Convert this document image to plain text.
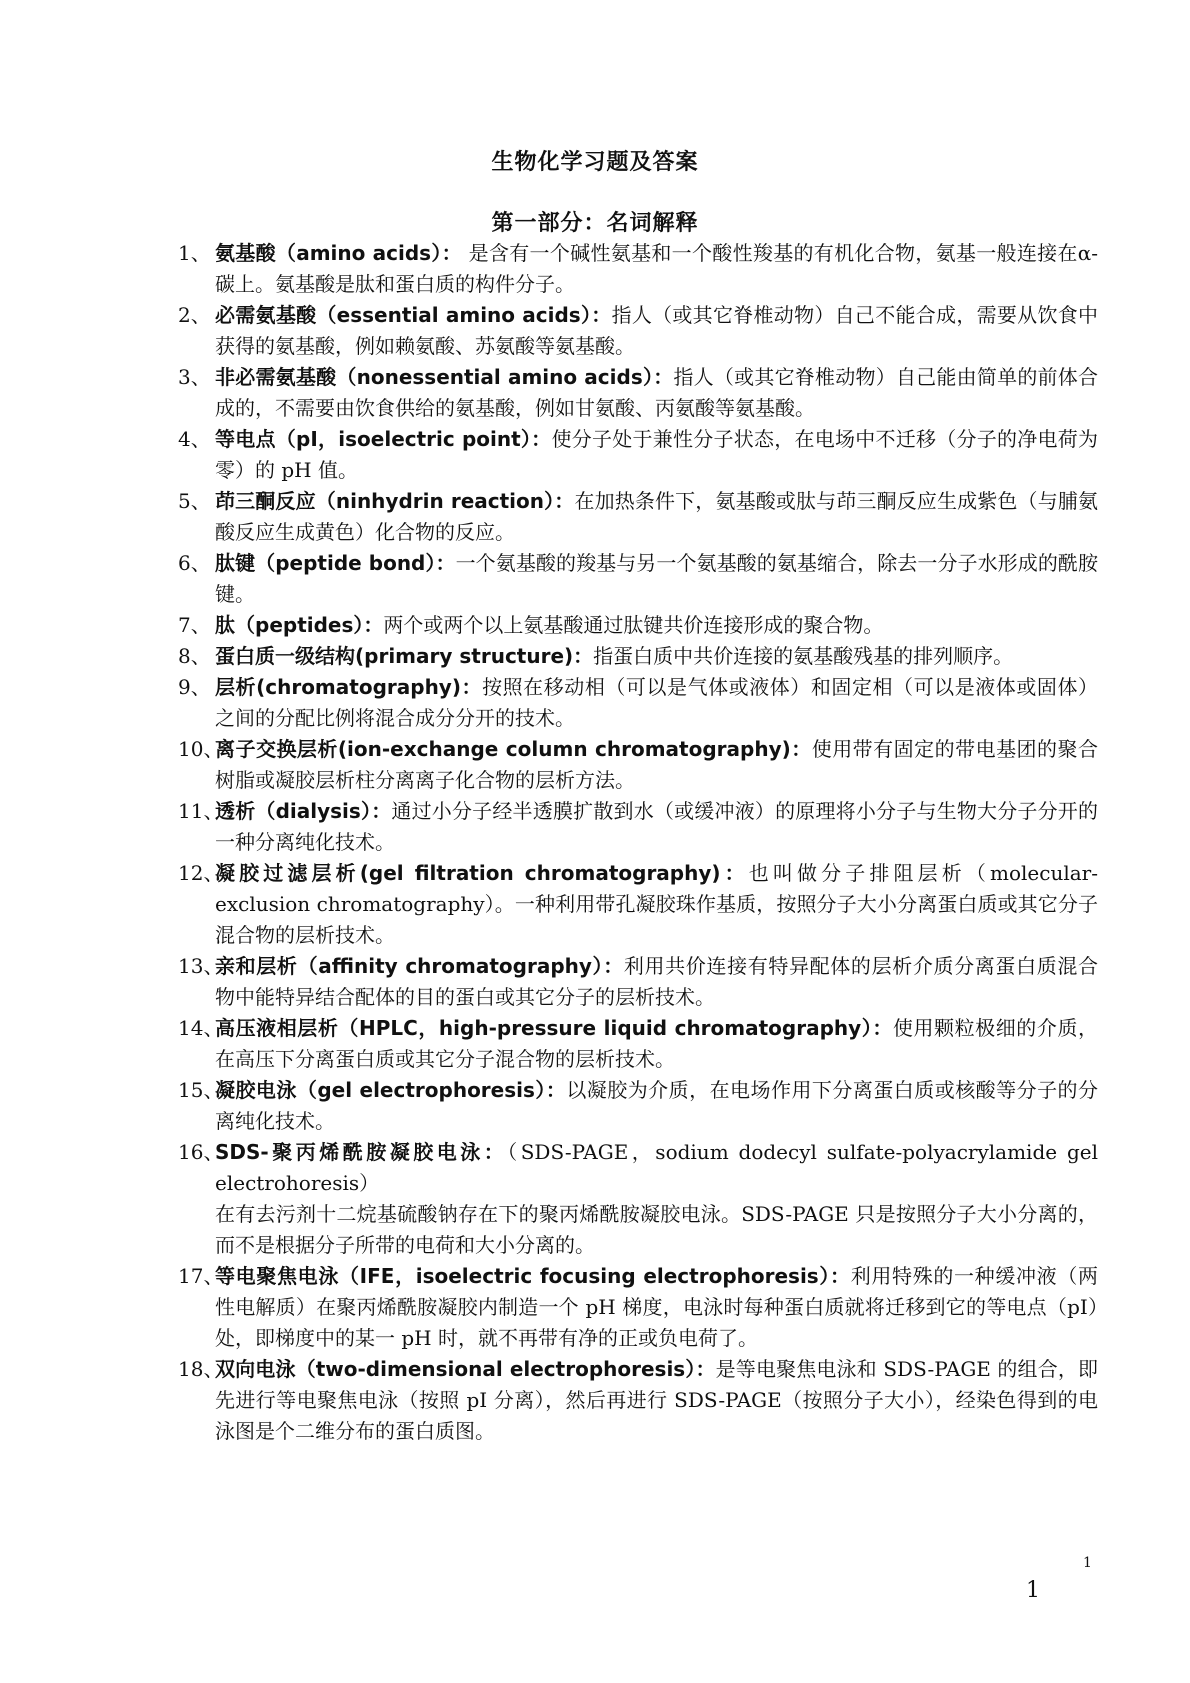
生物化学习题及答案
第一部分：名词解释

1、 氨基酸（amino acids）： 是含有一个碱性氨基和一个酸性羧基的有机化合物，氨基一般连接在α-碳上。氨基酸是肽和蛋白质的构件分子。

2、 必需氨基酸（essential amino acids）：指人（或其它脊椎动物）自己不能合成，需要从饮食中获得的氨基酸，例如赖氨酸、苏氨酸等氨基酸。

3、 非必需氨基酸（nonessential amino acids）：指人（或其它脊椎动物）自己能由简单的前体合成的，不需要由饮食供给的氨基酸，例如甘氨酸、丙氨酸等氨基酸。

4、 等电点（pI，isoelectric point）：使分子处于兼性分子状态，在电场中不迁移（分子的净电荷为零）的 pH 值。

5、 茚三酮反应（ninhydrin reaction）：在加热条件下，氨基酸或肽与茚三酮反应生成紫色（与脯氨酸反应生成黄色）化合物的反应。

6、 肽键（peptide bond）：一个氨基酸的羧基与另一个氨基酸的氨基缩合，除去一分子水形成的酰胺键。

7、 肽（peptides）：两个或两个以上氨基酸通过肽键共价连接形成的聚合物。

8、 蛋白质一级结构(primary structure)：指蛋白质中共价连接的氨基酸残基的排列顺序。

9、 层析(chromatography)：按照在移动相（可以是气体或液体）和固定相（可以是液体或固体）之间的分配比例将混合成分分开的技术。

10、
离子交换层析(ion-exchange column chromatography)：使用带有固定的带电基团的聚合树脂或凝胶层析柱分离离子化合物的层析方法。

11、
透析（dialysis）：通过小分子经半透膜扩散到水（或缓冲液）的原理将小分子与生物大分子分开的一种分离纯化技术。

12、
凝胶过滤层析(gel filtration chromatography)：也叫做分子排阻层析（molecular-exclusion chromatography）。一种利用带孔凝胶珠作基质，按照分子大小分离蛋白质或其它分子混合物的层析技术。

13、
亲和层析（affinity chromatography）：利用共价连接有特异配体的层析介质分离蛋白质混合物中能特异结合配体的目的蛋白或其它分子的层析技术。

14、
高压液相层析（HPLC，high-pressure liquid chromatography）：使用颗粒极细的介质，在高压下分离蛋白质或其它分子混合物的层析技术。

15、
凝胶电泳（gel electrophoresis）：以凝胶为介质，在电场作用下分离蛋白质或核酸等分子的分离纯化技术。

16、
SDS-聚丙烯酰胺凝胶电泳：（SDS-PAGE，sodium dodecyl sulfate-polyacrylamide gel electrohoresis）
在有去污剂十二烷基硫酸钠存在下的聚丙烯酰胺凝胶电泳。SDS-PAGE 只是按照分子大小分离的，而不是根据分子所带的电荷和大小分离的。

17、
等电聚焦电泳（IFE，isoelectric focusing electrophoresis）：利用特殊的一种缓冲液（两性电解质）在聚丙烯酰胺凝胶内制造一个 pH 梯度，电泳时每种蛋白质就将迁移到它的等电点（pI）处，即梯度中的某一 pH 时，就不再带有净的正或负电荷了。

18、
双向电泳（two-dimensional electrophoresis）：是等电聚焦电泳和 SDS-PAGE 的组合，即先进行等电聚焦电泳（按照 pI 分离），然后再进行 SDS-PAGE（按照分子大小），经染色得到的电泳图是个二维分布的蛋白质图。

1
1
